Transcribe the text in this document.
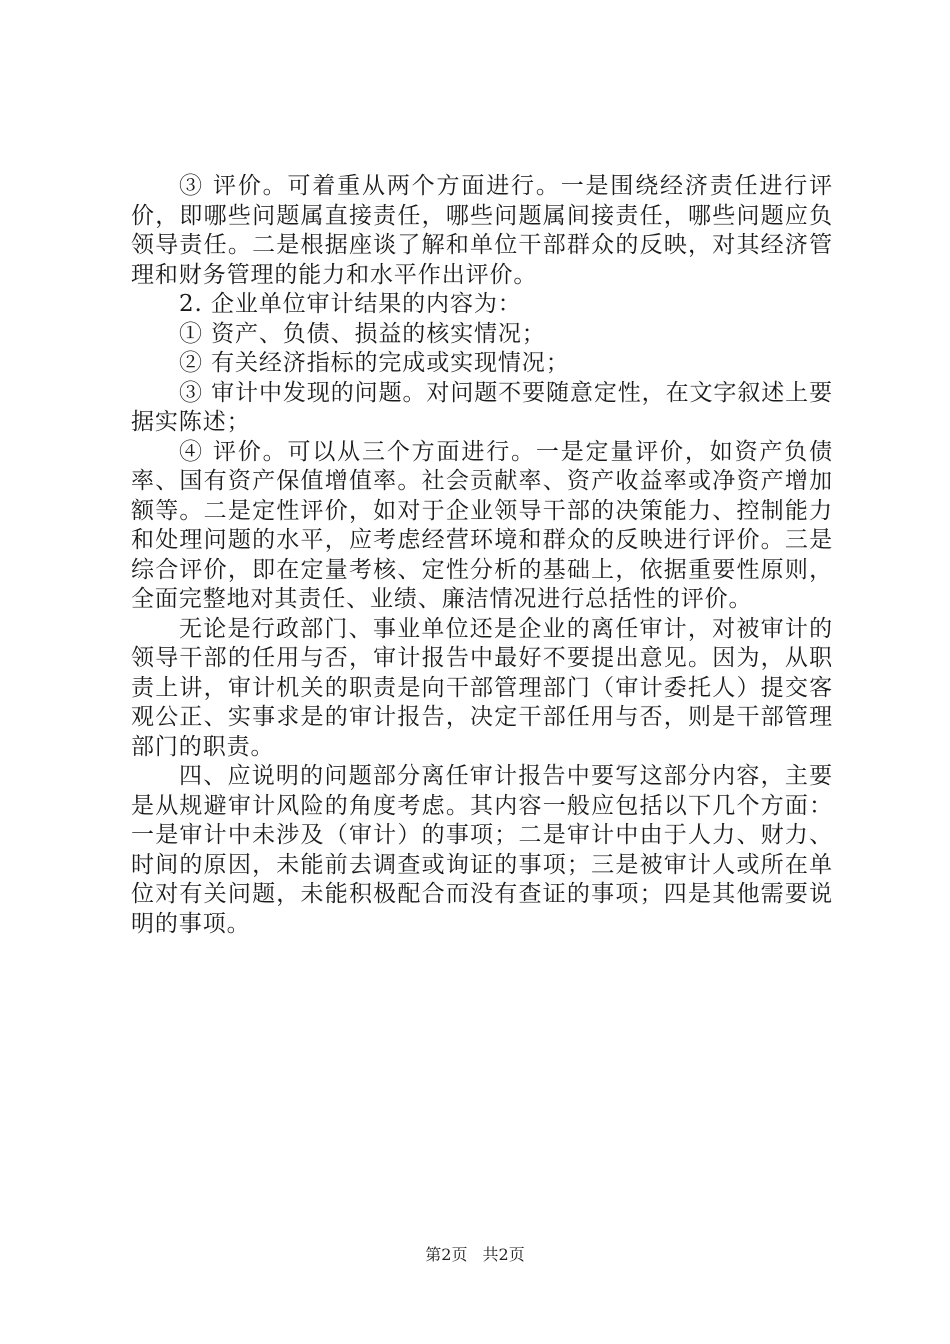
③ 评价。可着重从两个方面进行。一是围绕经济责任进行评价，即哪些问题属直接责任，哪些问题属间接责任，哪些问题应负领导责任。二是根据座谈了解和单位干部群众的反映，对其经济管理和财务管理的能力和水平作出评价。

2. 企业单位审计结果的内容为：

① 资产、负债、损益的核实情况；

② 有关经济指标的完成或实现情况；

③ 审计中发现的问题。对问题不要随意定性，在文字叙述上要据实陈述；

④ 评价。可以从三个方面进行。一是定量评价，如资产负债率、国有资产保值增值率。社会贡献率、资产收益率或净资产增加额等。二是定性评价，如对于企业领导干部的决策能力、控制能力和处理问题的水平，应考虑经营环境和群众的反映进行评价。三是综合评价，即在定量考核、定性分析的基础上，依据重要性原则，全面完整地对其责任、业绩、廉洁情况进行总括性的评价。

无论是行政部门、事业单位还是企业的离任审计，对被审计的领导干部的任用与否，审计报告中最好不要提出意见。因为，从职责上讲，审计机关的职责是向干部管理部门（审计委托人）提交客观公正、实事求是的审计报告，决定干部任用与否，则是干部管理部门的职责。

四、应说明的问题部分离任审计报告中要写这部分内容，主要是从规避审计风险的角度考虑。其内容一般应包括以下几个方面：一是审计中未涉及（审计）的事项；二是审计中由于人力、财力、时间的原因，未能前去调查或询证的事项；三是被审计人或所在单位对有关问题，未能积极配合而没有查证的事项；四是其他需要说明的事项。

第2页 共2页
